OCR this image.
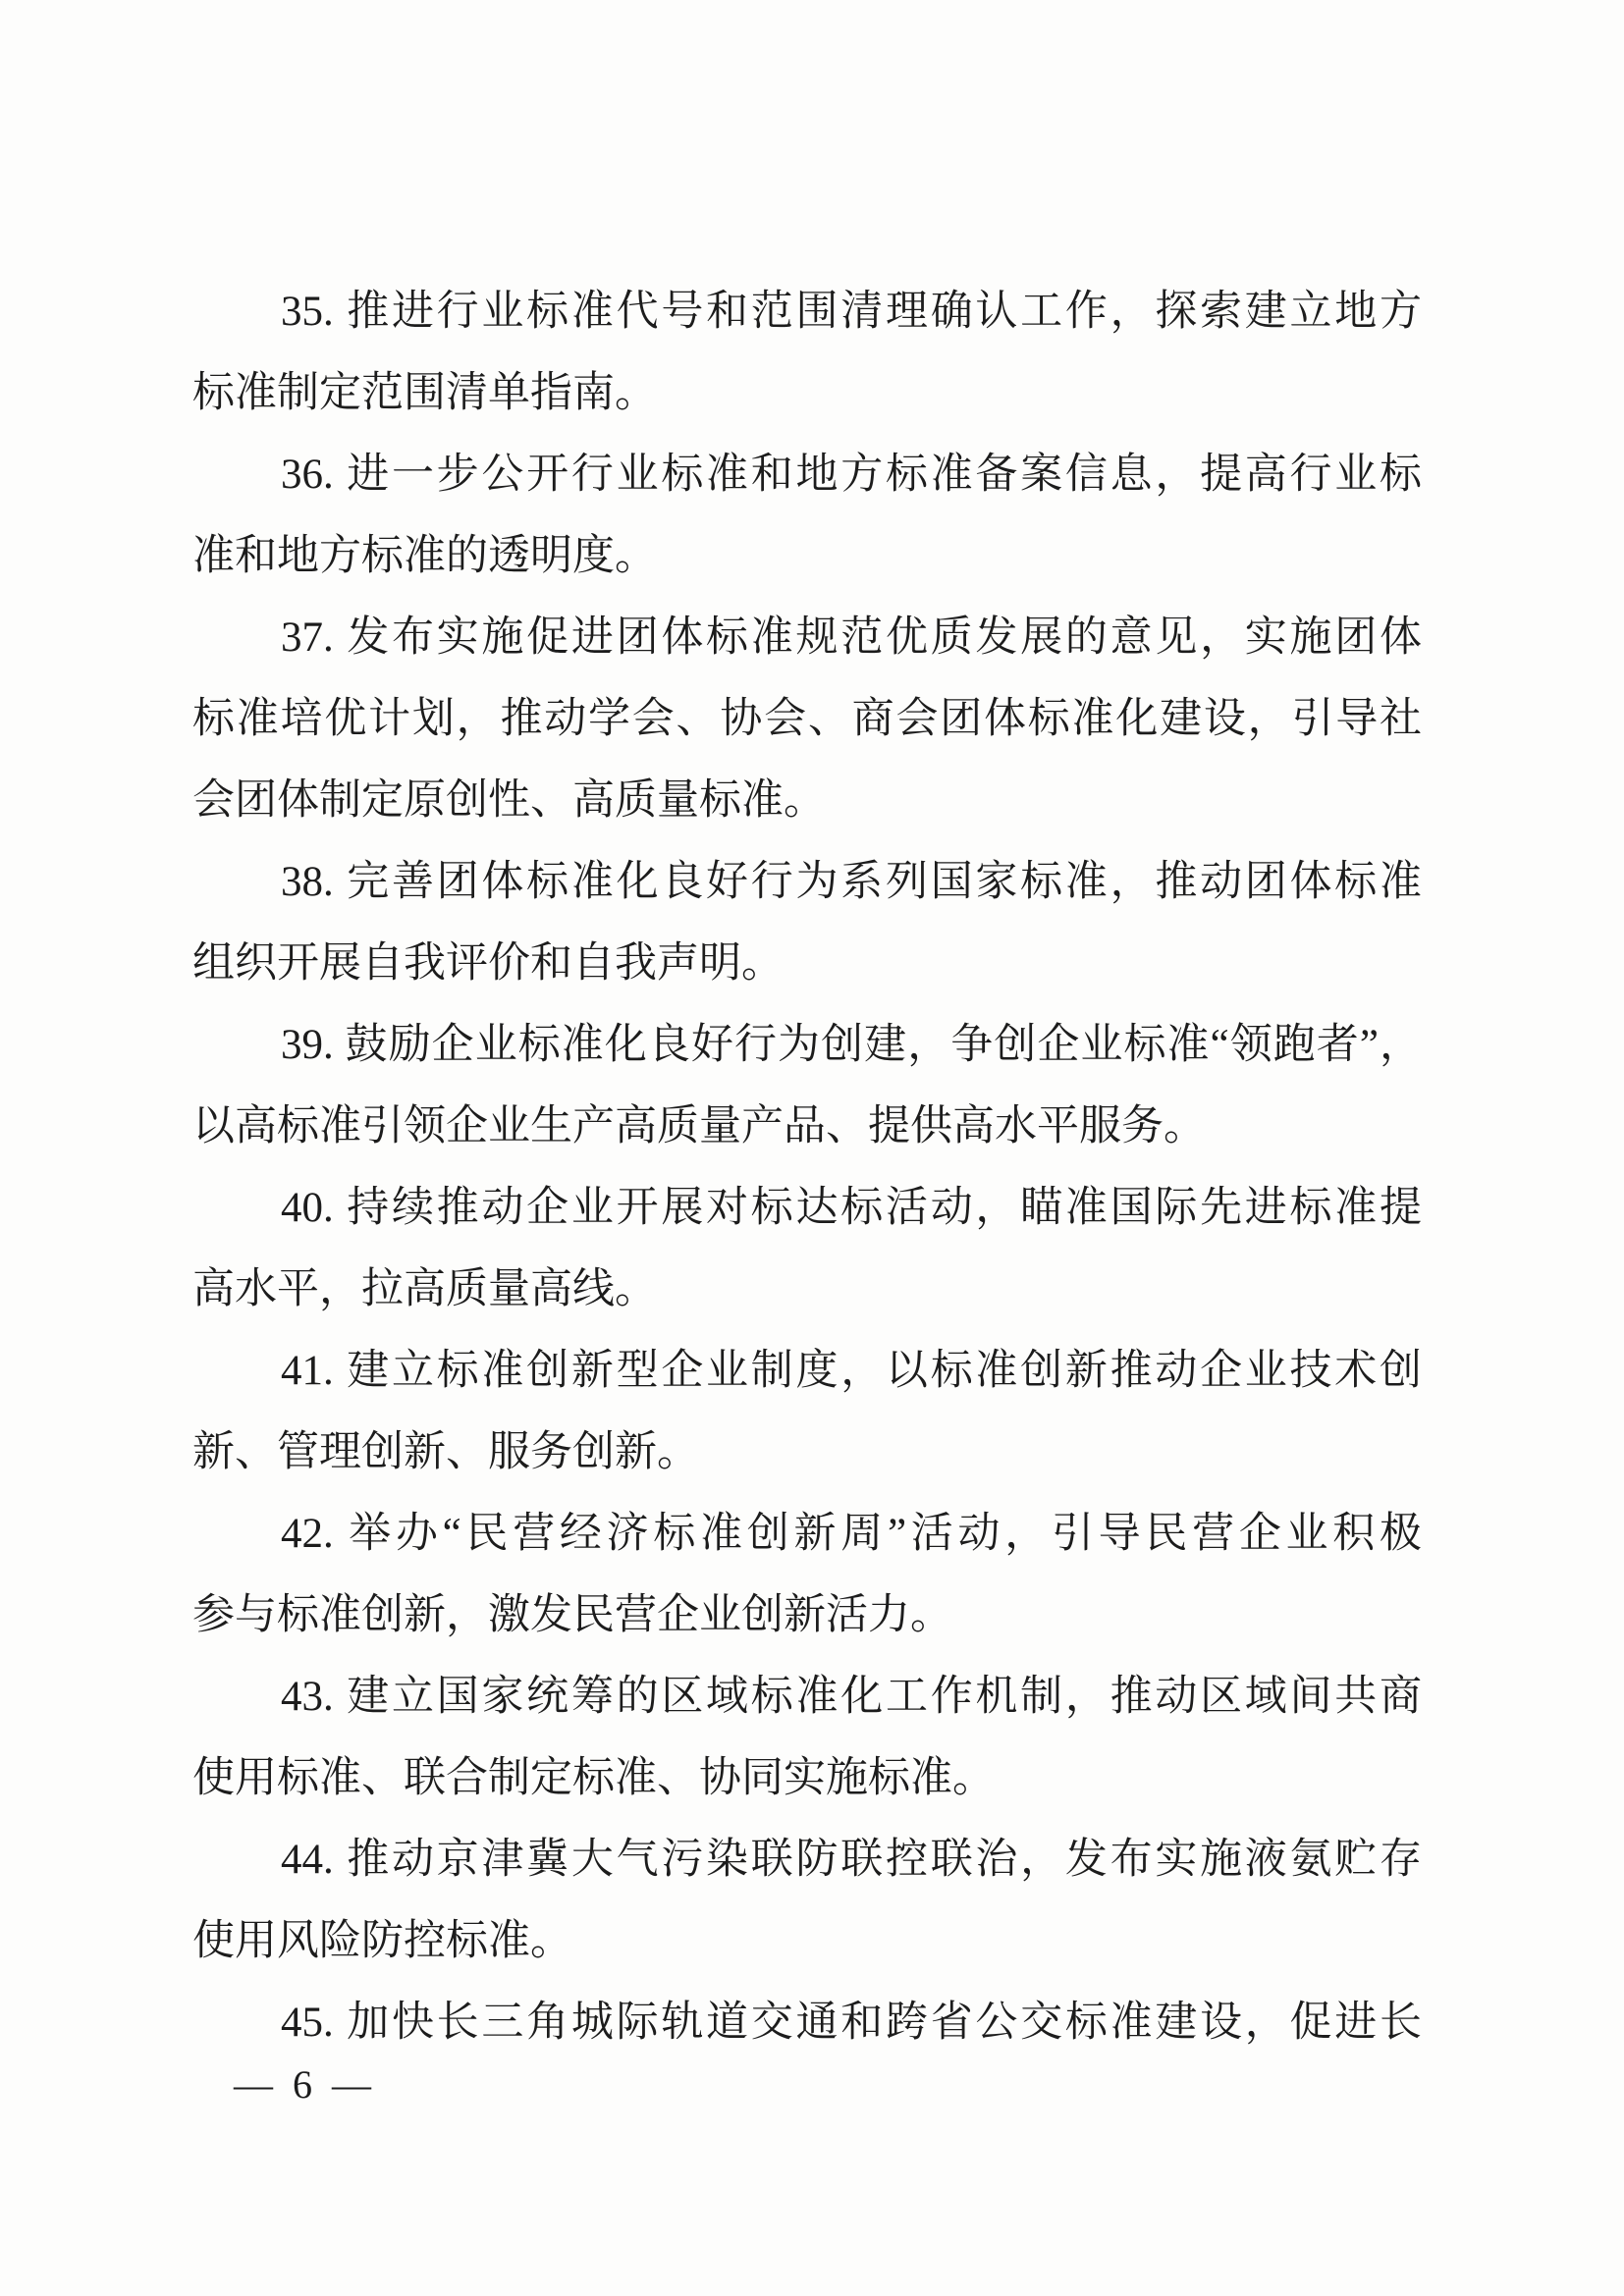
35. 推进行业标准代号和范围清理确认工作，探索建立地方
标准制定范围清单指南。
36. 进一步公开行业标准和地方标准备案信息，提高行业标
准和地方标准的透明度。
37. 发布实施促进团体标准规范优质发展的意见，实施团体
标准培优计划，推动学会、协会、商会团体标准化建设，引导社
会团体制定原创性、高质量标准。
38. 完善团体标准化良好行为系列国家标准，推动团体标准
组织开展自我评价和自我声明。
39. 鼓励企业标准化良好行为创建，争创企业标准“领跑者”，
以高标准引领企业生产高质量产品、提供高水平服务。
40. 持续推动企业开展对标达标活动，瞄准国际先进标准提
高水平，拉高质量高线。
41. 建立标准创新型企业制度，以标准创新推动企业技术创
新、管理创新、服务创新。
42. 举办“民营经济标准创新周”活动，引导民营企业积极
参与标准创新，激发民营企业创新活力。
43. 建立国家统筹的区域标准化工作机制，推动区域间共商
使用标准、联合制定标准、协同实施标准。
44. 推动京津冀大气污染联防联控联治，发布实施液氨贮存
使用风险防控标准。
45. 加快长三角城际轨道交通和跨省公交标准建设，促进长
— 6 —
